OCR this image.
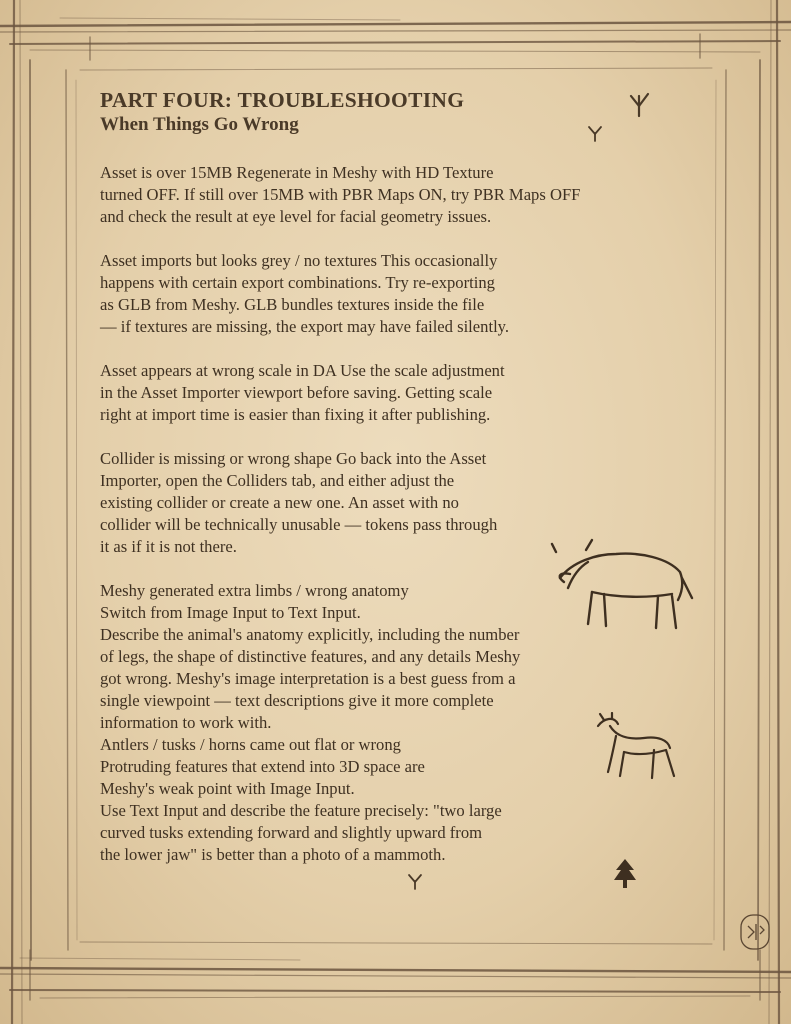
PART FOUR: TROUBLESHOOTING
When Things Go Wrong

Asset is over 15MB Regenerate in Meshy with HD Texture
turned OFF. If still over 15MB with PBR Maps ON, try PBR Maps OFF
and check the result at eye level for facial geometry issues.

Asset imports but looks grey / no textures This occasionally
happens with certain export combinations. Try re-exporting
as GLB from Meshy. GLB bundles textures inside the file
— if textures are missing, the export may have failed silently.

Asset appears at wrong scale in DA Use the scale adjustment
in the Asset Importer viewport before saving. Getting scale
right at import time is easier than fixing it after publishing.

Collider is missing or wrong shape Go back into the Asset
Importer, open the Colliders tab, and either adjust the
existing collider or create a new one. An asset with no
collider will be technically unusable — tokens pass through
it as if it is not there.

Meshy generated extra limbs / wrong anatomy
Switch from Image Input to Text Input.
Describe the animal's anatomy explicitly, including the number
of legs, the shape of distinctive features, and any details Meshy
got wrong. Meshy's image interpretation is a best guess from a
single viewpoint — text descriptions give it more complete
information to work with.
Antlers / tusks / horns came out flat or wrong
Protruding features that extend into 3D space are
Meshy's weak point with Image Input.
Use Text Input and describe the feature precisely: "two large
curved tusks extending forward and slightly upward from
the lower jaw" is better than a photo of a mammoth.
